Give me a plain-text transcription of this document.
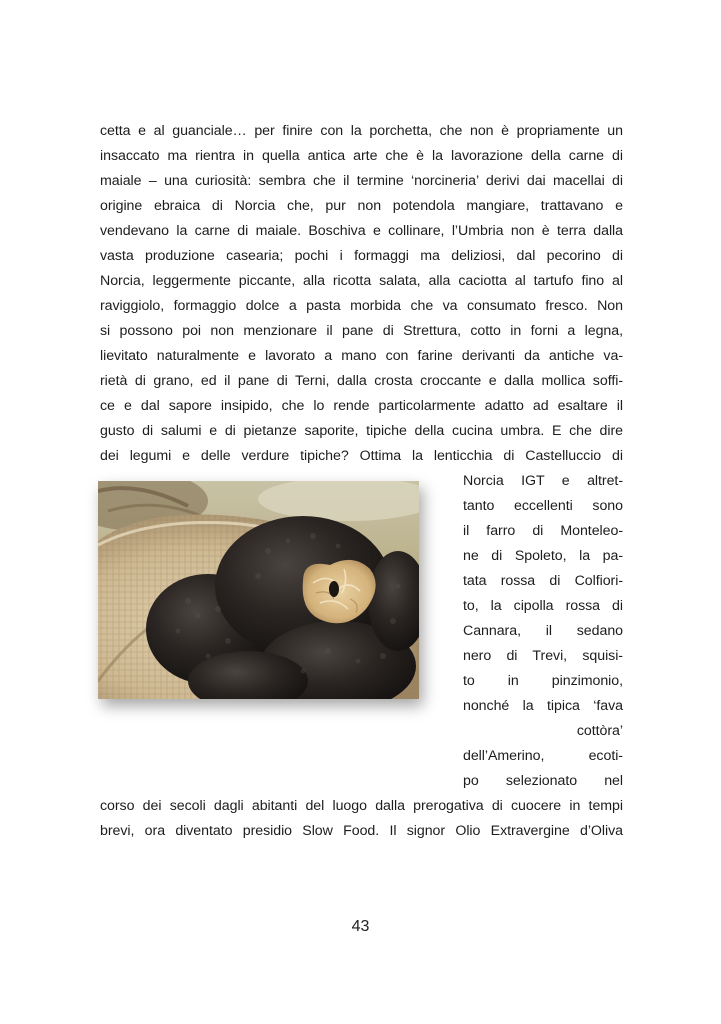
cetta e al guanciale… per finire con la porchetta, che non è propriamente un
insaccato ma rientra in quella antica arte che è la lavorazione della carne di
maiale – una curiosità: sembra che il termine ‘norcineria’ derivi dai macellai di
origine ebraica di Norcia che, pur non potendola mangiare, trattavano e
vendevano la carne di maiale. Boschiva e collinare, l’Umbria non è terra dalla
vasta produzione casearia; pochi i formaggi ma deliziosi, dal pecorino di
Norcia, leggermente piccante, alla ricotta salata, alla caciotta al tartufo fino al
raviggiolo, formaggio dolce a pasta morbida che va consumato fresco. Non
si possono poi non menzionare il pane di Strettura, cotto in forni a legna,
lievitato naturalmente e lavorato a mano con farine derivanti da antiche va-
rietà di grano, ed il pane di Terni, dalla crosta croccante e dalla mollica soffi-
ce e dal sapore insipido, che lo rende particolarmente adatto ad esaltare il
gusto di salumi e di pietanze saporite, tipiche della cucina umbra. E che dire
dei legumi e delle verdure tipiche? Ottima la lenticchia di Castelluccio di
Norcia IGT e altret-
tanto eccellenti sono
il farro di Monteleo-
ne di Spoleto, la pa-
tata rossa di Colfiori-
to, la cipolla rossa di
Cannara, il sedano
nero di Trevi, squisi-
to in pinzimonio,
nonché la tipica ‘fava
cottòra’
dell’Amerino, ecoti-
po selezionato nel
corso dei secoli dagli abitanti del luogo dalla prerogativa di cuocere in tempi
brevi, ora diventato presidio Slow Food. Il signor Olio Extravergine d’Oliva
43
